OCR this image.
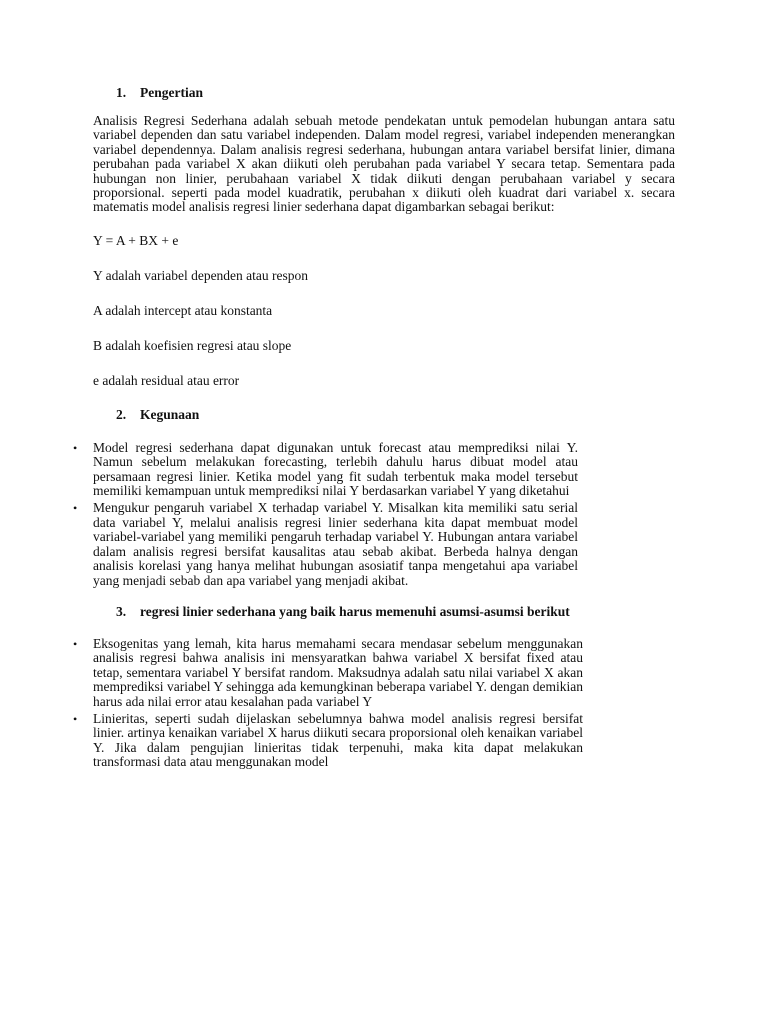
1.	Pengertian

Analisis Regresi Sederhana adalah sebuah metode pendekatan untuk pemodelan hubungan antara satu variabel dependen dan satu variabel independen. Dalam model regresi, variabel independen menerangkan variabel dependennya. Dalam analisis regresi sederhana, hubungan antara variabel bersifat linier, dimana perubahan pada variabel X akan diikuti oleh perubahan pada variabel Y secara tetap. Sementara pada hubungan non linier, perubahaan variabel X tidak diikuti dengan perubahaan variabel y secara proporsional. seperti pada model kuadratik, perubahan x diikuti oleh kuadrat dari variabel x. secara matematis model analisis regresi linier sederhana dapat digambarkan sebagai berikut:

Y = A + BX + e
Y adalah variabel dependen atau respon
A adalah intercept atau konstanta
B adalah koefisien regresi atau slope
e adalah residual atau error
2.	Kegunaan
• Model regresi sederhana dapat digunakan untuk forecast atau memprediksi nilai Y. Namun sebelum melakukan forecasting, terlebih dahulu harus dibuat model atau persamaan regresi linier. Ketika model yang fit sudah terbentuk maka model tersebut memiliki kemampuan untuk memprediksi nilai Y berdasarkan variabel Y yang diketahui
• Mengukur pengaruh variabel X terhadap variabel Y. Misalkan kita memiliki satu serial data variabel Y, melalui analisis regresi linier sederhana kita dapat membuat model variabel-variabel yang memiliki pengaruh terhadap variabel Y. Hubungan antara variabel dalam analisis regresi bersifat kausalitas atau sebab akibat. Berbeda halnya dengan analisis korelasi yang hanya melihat hubungan asosiatif tanpa mengetahui apa variabel yang menjadi sebab dan apa variabel yang menjadi akibat.
3.	regresi linier sederhana yang baik harus memenuhi asumsi-asumsi berikut
• Eksogenitas yang lemah, kita harus memahami secara mendasar sebelum menggunakan analisis regresi bahwa analisis ini mensyaratkan bahwa variabel X bersifat fixed atau tetap, sementara variabel Y bersifat random. Maksudnya adalah satu nilai variabel X akan memprediksi variabel Y sehingga ada kemungkinan beberapa variabel Y. dengan demikian harus ada nilai error atau kesalahan pada variabel Y
• Linieritas, seperti sudah dijelaskan sebelumnya bahwa model analisis regresi bersifat linier. artinya kenaikan variabel X harus diikuti secara proporsional oleh kenaikan variabel Y. Jika dalam pengujian linieritas tidak terpenuhi, maka kita dapat melakukan transformasi data atau menggunakan model
